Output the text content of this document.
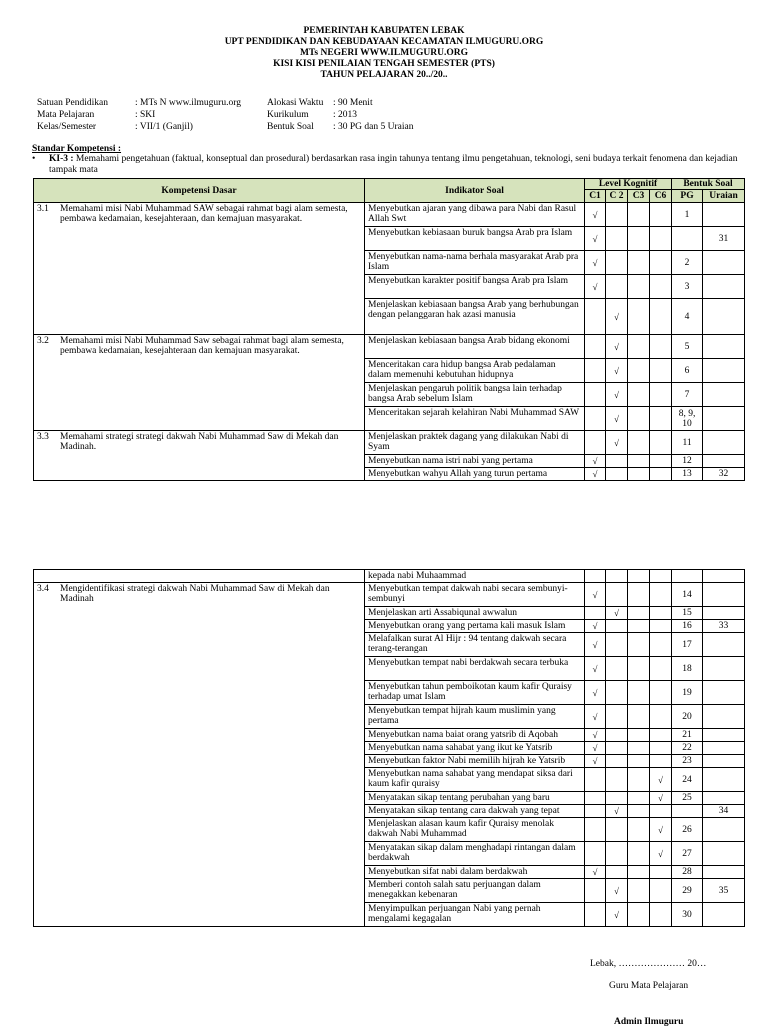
PEMERINTAH KABUPATEN LEBAK
UPT PENDIDIKAN DAN KEBUDAYAAN KECAMATAN ILMUGURU.ORG
MTs NEGERI WWW.ILMUGURU.ORG
KISI KISI PENILAIAN TENGAH SEMESTER (PTS)
TAHUN PELAJARAN 20../20..
Satuan Pendidikan	: MTs N www.ilmuguru.org	Alokasi Waktu	: 90 Menit
Mata Pelajaran	: SKI	Kurikulum	: 2013
Kelas/Semester	: VII/1 (Ganjil)	Bentuk Soal	: 30 PG dan 5 Uraian
Standar Kompetensi :
•	KI-3 : Memahami pengetahuan (faktual, konseptual dan prosedural) berdasarkan rasa ingin tahunya tentang ilmu pengetahuan, teknologi, seni budaya terkait fenomena dan kejadian tampak mata
Kompetensi Dasar	Indikator Soal	Level Kognitif				Bentuk Soal	
		C1	C 2	C3	C6	PG	Uraian

3.1 Memahami misi Nabi Muhammad SAW sebagai rahmat bagi alam semesta, pembawa kedamaian, kesejahteraan, dan kemajuan masyarakat.	Menyebutkan ajaran yang dibawa para Nabi dan Rasul Allah Swt	√				1	
	Menyebutkan kebiasaan buruk bangsa Arab pra Islam	√					31
	Menyebutkan nama-nama berhala masyarakat Arab pra Islam	√				2	
	Menyebutkan karakter positif bangsa Arab pra Islam	√				3	
	Menjelaskan kebiasaan bangsa Arab yang berhubungan dengan pelanggaran hak azasi manusia		√			4	

3.2 Memahami misi Nabi Muhammad Saw sebagai rahmat bagi alam semesta, pembawa kedamaian, kesejahteraan dan kemajuan masyarakat.	Menjelaskan kebiasaan bangsa Arab bidang ekonomi		√			5	
	Menceritakan cara hidup bangsa Arab pedalaman dalam memenuhi kebutuhan hidupnya		√			6	
	Menjelaskan pengaruh politik bangsa lain terhadap bangsa Arab sebelum Islam		√			7	
	Menceritakan sejarah kelahiran Nabi Muhammad SAW		√			8, 9, 10	

3.3 Memahami strategi strategi dakwah Nabi Muhammad Saw di Mekah dan Madinah.	Menjelaskan praktek dagang yang dilakukan Nabi di Syam		√			11	
	Menyebutkan nama istri nabi yang pertama	√				12	
	Menyebutkan wahyu Allah yang turun pertama	√				13	32
	kepada nabi Muhaammad						

3.4 Mengidentifikasi strategi dakwah Nabi Muhammad Saw di Mekah dan Madinah	Menyebutkan tempat dakwah nabi secara sembunyi-sembunyi	√				14	
	Menjelaskan arti Assabiqunal awwalun		√			15	
	Menyebutkan orang yang pertama kali masuk Islam	√				16	33
	Melafalkan surat Al Hijr : 94 tentang dakwah secara terang-terangan	√				17	
	Menyebutkan tempat nabi berdakwah secara terbuka	√				18	
	Menyebutkan tahun pemboikotan kaum kafir Quraisy terhadap umat Islam	√				19	
	Menyebutkan tempat hijrah kaum muslimin yang pertama	√				20	
	Menyebutkan nama baiat orang yatsrib di Aqobah	√				21	
	Menyebutkan nama sahabat yang ikut ke Yatsrib	√				22	
	Menyebutkan faktor Nabi memilih hijrah ke Yatsrib	√				23	
	Menyebutkan nama sahabat yang mendapat siksa dari kaum kafir quraisy				√	24	
	Menyatakan sikap tentang perubahan yang baru				√	25	
	Menyatakan sikap tentang cara dakwah yang tepat		√				34
	Menjelaskan alasan kaum kafir Quraisy menolak dakwah Nabi Muhammad				√	26	
	Menyatakan sikap dalam menghadapi rintangan dalam berdakwah				√	27	
	Menyebutkan sifat nabi dalam berdakwah	√				28	
	Memberi contoh salah satu perjuangan dalam menegakkan kebenaran		√			29	35
	Menyimpulkan perjuangan Nabi yang pernah mengalami kegagalan		√			30	
Lebak, ………………… 20…
Guru Mata Pelajaran
Admin Ilmuguru
